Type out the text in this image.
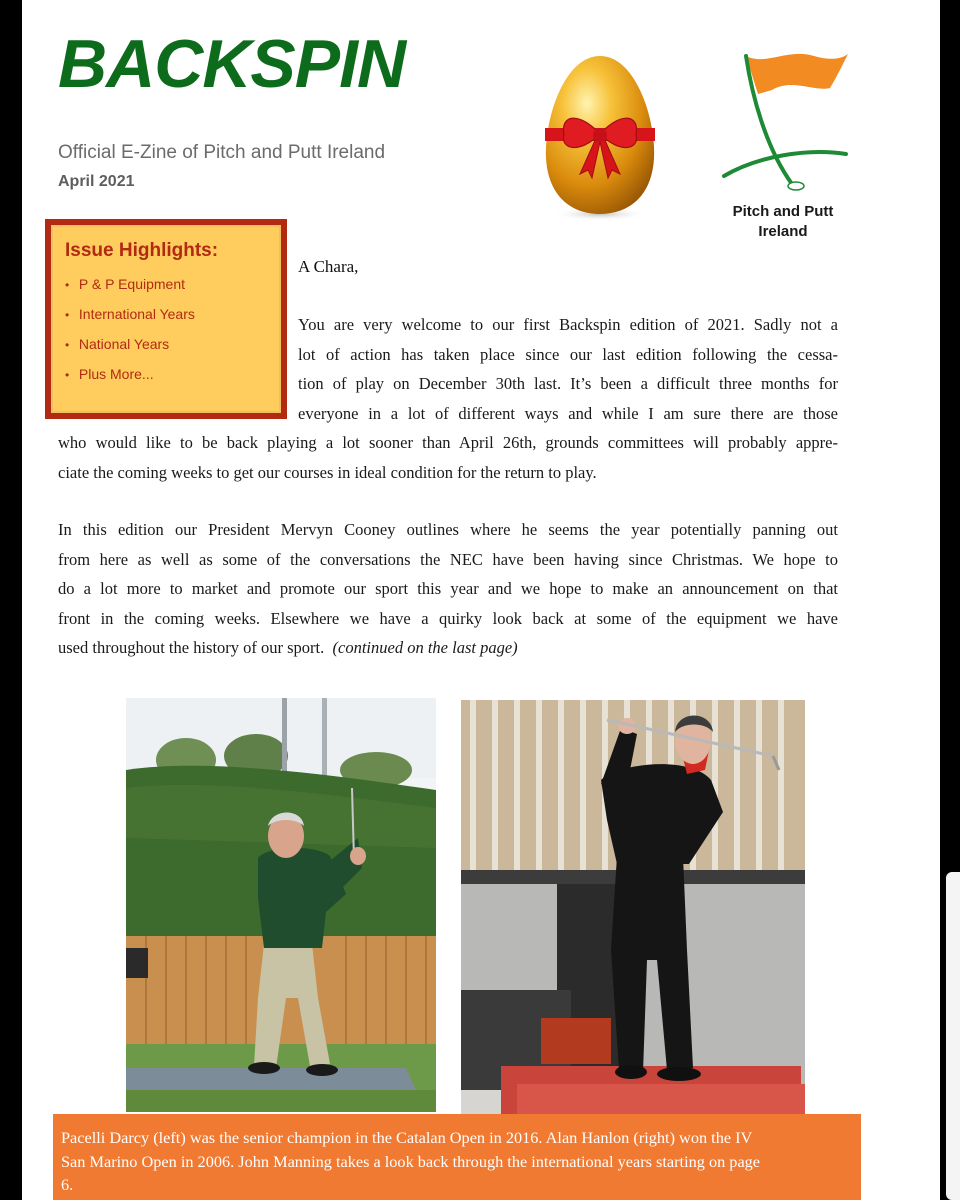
BACKSPIN
Official E-Zine of Pitch and Putt Ireland
April 2021
Pitch and Putt
Ireland
Issue Highlights:
• P & P Equipment
• International Years
• National Years
• Plus More...
A Chara,
You are very welcome to our first Backspin edition of 2021. Sadly not a
lot of action has taken place since our last edition following the cessa-
tion of play on December 30th last. It’s been a difficult three months for
everyone in a lot of different ways and while I am sure there are those
who would like to be back playing a lot sooner than April 26th, grounds committees will probably appre-
ciate the coming weeks to get our courses in ideal condition for the return to play.
In this edition our President Mervyn Cooney outlines where he seems the year potentially panning out
from here as well as some of the conversations the NEC have been having since Christmas. We hope to
do a lot more to market and promote our sport this year and we hope to make an announcement on that
front in the coming weeks. Elsewhere we have a quirky look back at some of the equipment we have
used throughout the history of our sport. (continued on the last page)
Pacelli Darcy (left) was the senior champion in the Catalan Open in 2016. Alan Hanlon (right) won the IV
San Marino Open in 2006. John Manning takes a look back through the international years starting on page
6.
